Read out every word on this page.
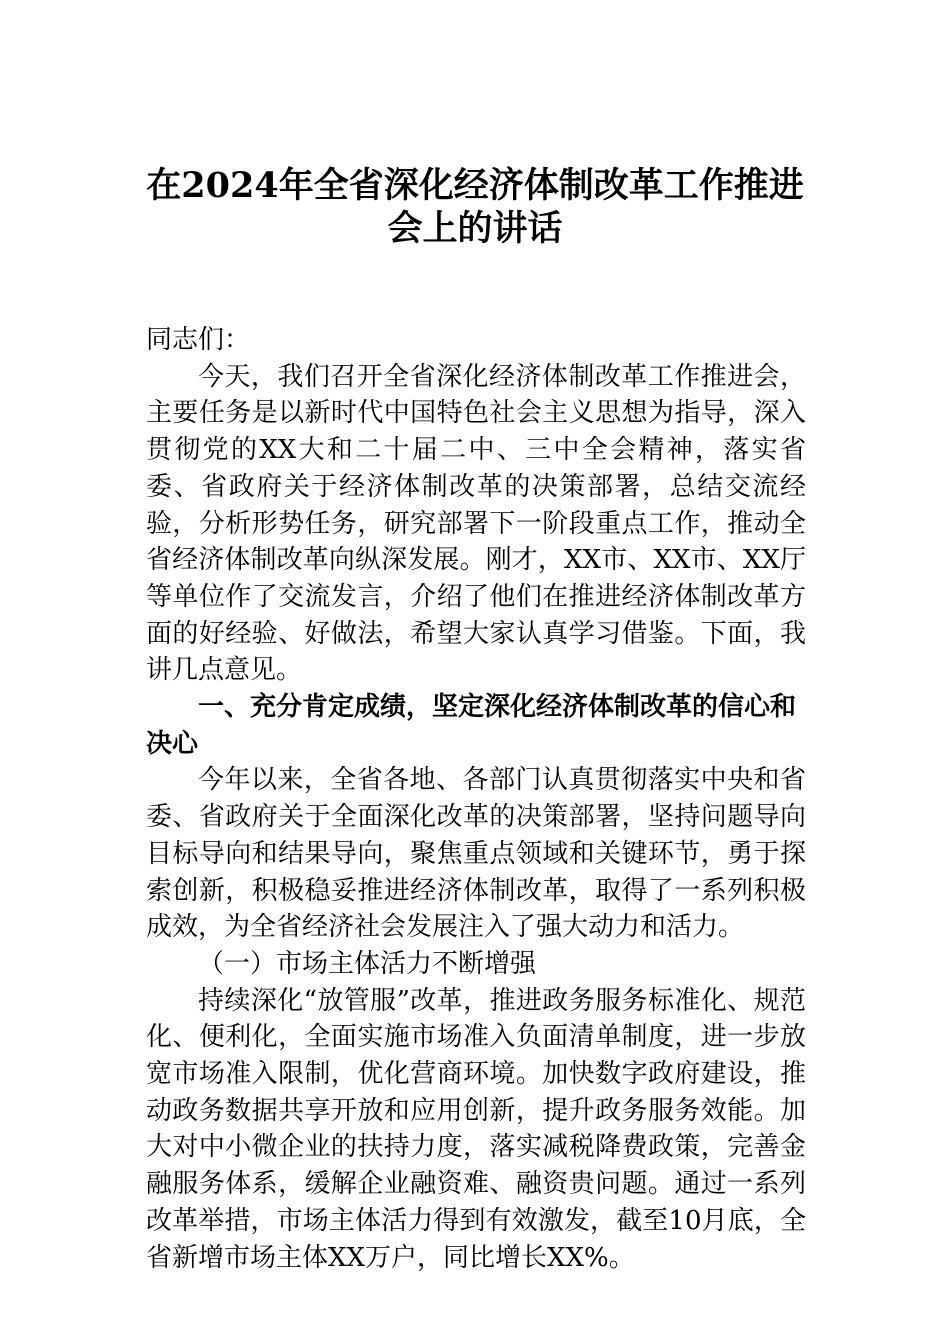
在2024年全省深化经济体制改革工作推进
会上的讲话

同志们：

今天，我们召开全省深化经济体制改革工作推进会，主要任务是以新时代中国特色社会主义思想为指导，深入贯彻党的XX大和二十届二中、三中全会精神，落实省委、省政府关于经济体制改革的决策部署，总结交流经验，分析形势任务，研究部署下一阶段重点工作，推动全省经济体制改革向纵深发展。刚才，XX市、XX市、XX厅等单位作了交流发言，介绍了他们在推进经济体制改革方面的好经验、好做法，希望大家认真学习借鉴。下面，我讲几点意见。

一、充分肯定成绩，坚定深化经济体制改革的信心和决心

今年以来，全省各地、各部门认真贯彻落实中央和省委、省政府关于全面深化改革的决策部署，坚持问题导向目标导向和结果导向，聚焦重点领域和关键环节，勇于探索创新，积极稳妥推进经济体制改革，取得了一系列积极成效，为全省经济社会发展注入了强大动力和活力。

（一）市场主体活力不断增强

持续深化“放管服”改革，推进政务服务标准化、规范化、便利化，全面实施市场准入负面清单制度，进一步放宽市场准入限制，优化营商环境。加快数字政府建设，推动政务数据共享开放和应用创新，提升政务服务效能。加大对中小微企业的扶持力度，落实减税降费政策，完善金融服务体系，缓解企业融资难、融资贵问题。通过一系列改革举措，市场主体活力得到有效激发，截至10月底，全省新增市场主体XX万户，同比增长XX%。
